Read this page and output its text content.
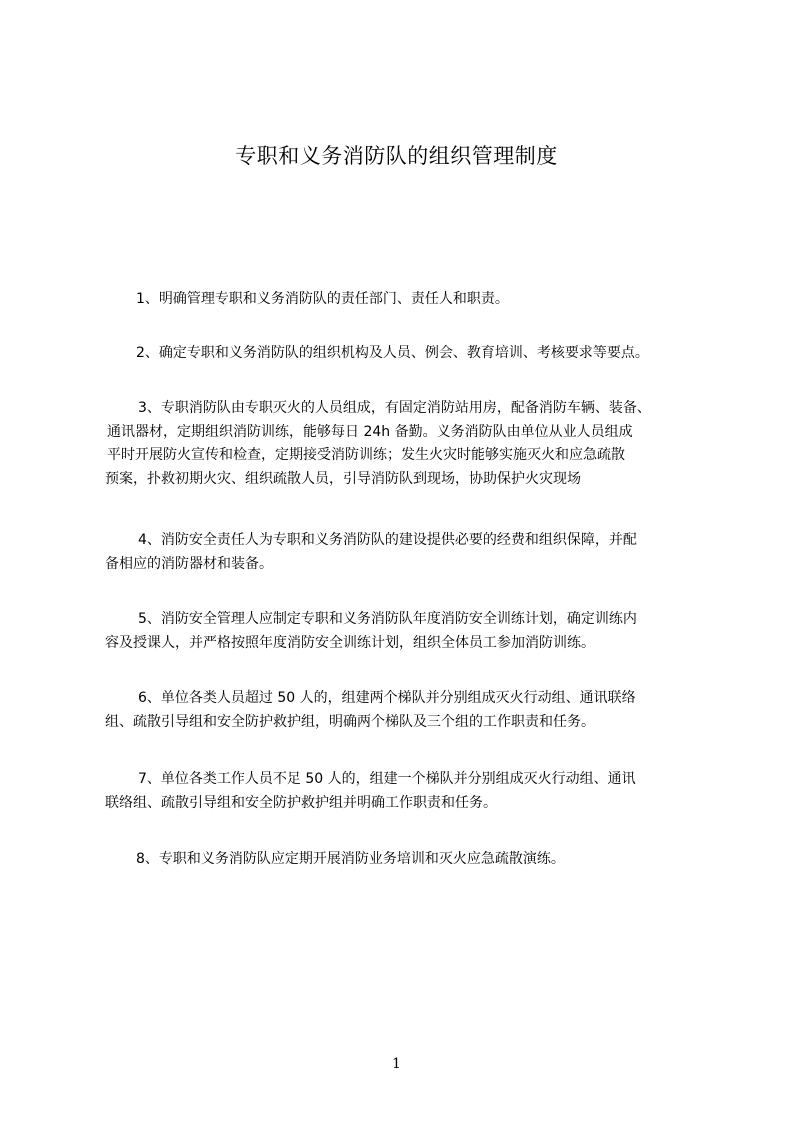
专职和义务消防队的组织管理制度
1、明确管理专职和义务消防队的责任部门、责任人和职责。
2、确定专职和义务消防队的组织机构及人员、例会、教育培训、考核要求等要点。
3、专职消防队由专职灭火的人员组成，有固定消防站用房，配备消防车辆、装备、
通讯器材，定期组织消防训练，能够每日 24h 备勤。义务消防队由单位从业人员组成
平时开展防火宣传和检查，定期接受消防训练；发生火灾时能够实施灭火和应急疏散
预案，扑救初期火灾、组织疏散人员，引导消防队到现场，协助保护火灾现场
4、消防安全责任人为专职和义务消防队的建设提供必要的经费和组织保障，并配
备相应的消防器材和装备。
5、消防安全管理人应制定专职和义务消防队年度消防安全训练计划，确定训练内
容及授课人，并严格按照年度消防安全训练计划，组织全体员工参加消防训练。
6、单位各类人员超过 50 人的，组建两个梯队并分别组成灭火行动组、通讯联络
组、疏散引导组和安全防护救护组，明确两个梯队及三个组的工作职责和任务。
7、单位各类工作人员不足 50 人的，组建一个梯队并分别组成灭火行动组、通讯
联络组、疏散引导组和安全防护救护组并明确工作职责和任务。
8、专职和义务消防队应定期开展消防业务培训和灭火应急疏散演练。
1
